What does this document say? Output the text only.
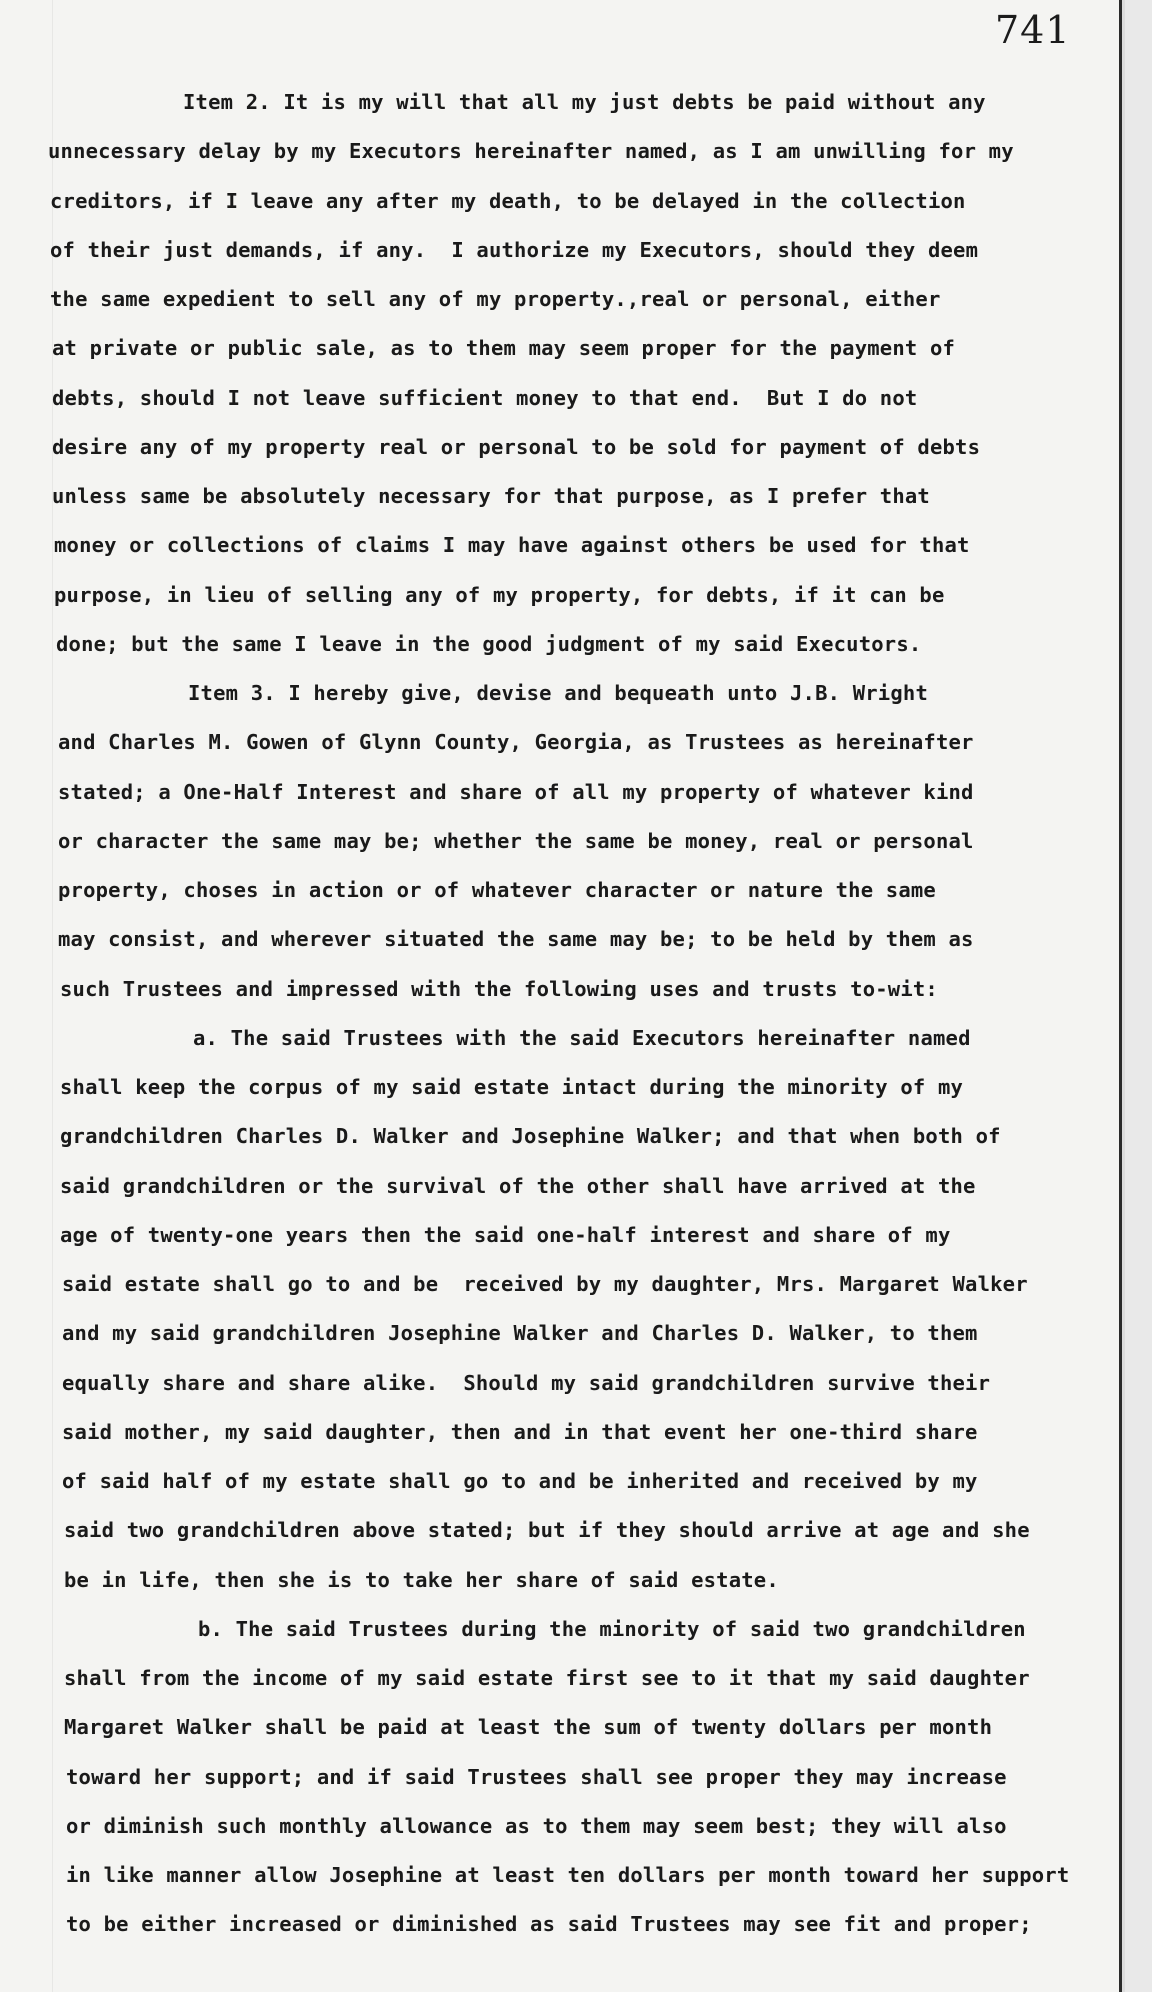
741
Item 2. It is my will that all my just debts be paid without any
unnecessary delay by my Executors hereinafter named, as I am unwilling for my
creditors, if I leave any after my death, to be delayed in the collection
of their just demands, if any.  I authorize my Executors, should they deem
the same expedient to sell any of my property.,real or personal, either
at private or public sale, as to them may seem proper for the payment of
debts, should I not leave sufficient money to that end.  But I do not
desire any of my property real or personal to be sold for payment of debts
unless same be absolutely necessary for that purpose, as I prefer that
money or collections of claims I may have against others be used for that
purpose, in lieu of selling any of my property, for debts, if it can be
done; but the same I leave in the good judgment of my said Executors.
Item 3. I hereby give, devise and bequeath unto J.B. Wright
and Charles M. Gowen of Glynn County, Georgia, as Trustees as hereinafter
stated; a One-Half Interest and share of all my property of whatever kind
or character the same may be; whether the same be money, real or personal
property, choses in action or of whatever character or nature the same
may consist, and wherever situated the same may be; to be held by them as
such Trustees and impressed with the following uses and trusts to-wit:
a. The said Trustees with the said Executors hereinafter named
shall keep the corpus of my said estate intact during the minority of my
grandchildren Charles D. Walker and Josephine Walker; and that when both of
said grandchildren or the survival of the other shall have arrived at the
age of twenty-one years then the said one-half interest and share of my
said estate shall go to and be  received by my daughter, Mrs. Margaret Walker
and my said grandchildren Josephine Walker and Charles D. Walker, to them
equally share and share alike.  Should my said grandchildren survive their
said mother, my said daughter, then and in that event her one-third share
of said half of my estate shall go to and be inherited and received by my
said two grandchildren above stated; but if they should arrive at age and she
be in life, then she is to take her share of said estate.
b. The said Trustees during the minority of said two grandchildren
shall from the income of my said estate first see to it that my said daughter
Margaret Walker shall be paid at least the sum of twenty dollars per month
toward her support; and if said Trustees shall see proper they may increase
or diminish such monthly allowance as to them may seem best; they will also
in like manner allow Josephine at least ten dollars per month toward her support
to be either increased or diminished as said Trustees may see fit and proper;
